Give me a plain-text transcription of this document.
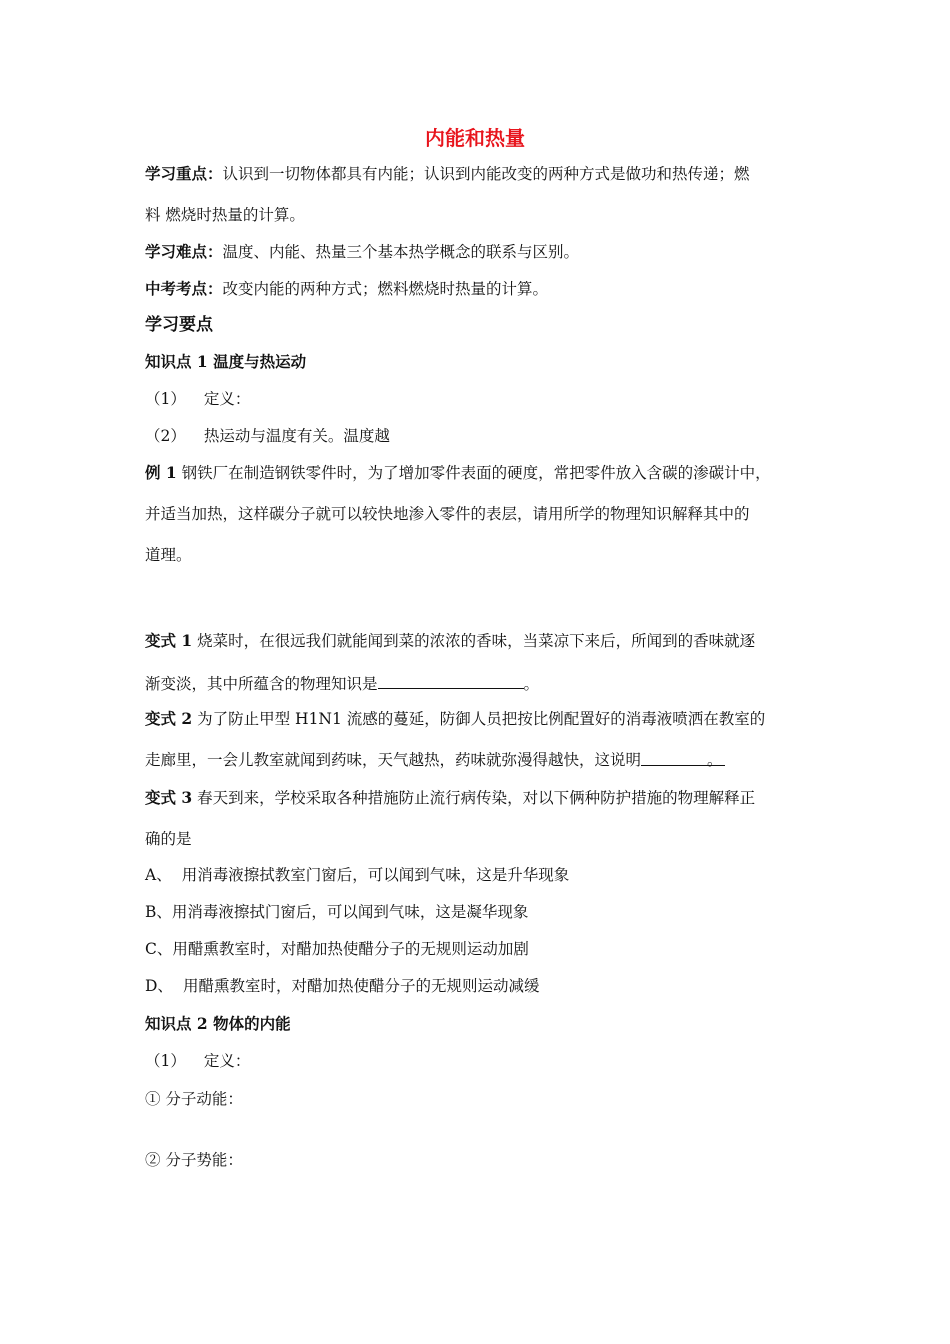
内能和热量
学习重点：认识到一切物体都具有内能；认识到内能改变的两种方式是做功和热传递；燃
料 燃烧时热量的计算。
学习难点：温度、内能、热量三个基本热学概念的联系与区别。
中考考点：改变内能的两种方式；燃料燃烧时热量的计算。
学习要点
知识点 1 温度与热运动
（1） 定义：
（2） 热运动与温度有关。温度越
例 1 钢铁厂在制造钢铁零件时，为了增加零件表面的硬度，常把零件放入含碳的渗碳计中，
并适当加热，这样碳分子就可以较快地渗入零件的表层，请用所学的物理知识解释其中的
道理。
变式 1 烧菜时，在很远我们就能闻到菜的浓浓的香味，当菜凉下来后，所闻到的香味就逐
渐变淡，其中所蕴含的物理知识是	。
变式 2 为了防止甲型 H1N1 流感的蔓延，防御人员把按比例配置好的消毒液喷洒在教室的
走廊里，一会儿教室就闻到药味，天气越热，药味就弥漫得越快，这说明	。
变式 3 春天到来，学校采取各种措施防止流行病传染，对以下俩种防护措施的物理解释正
确的是
A、 用消毒液擦拭教室门窗后，可以闻到气味，这是升华现象
B、用消毒液擦拭门窗后，可以闻到气味，这是凝华现象
C、用醋熏教室时，对醋加热使醋分子的无规则运动加剧
D、 用醋熏教室时，对醋加热使醋分子的无规则运动减缓
知识点 2 物体的内能
（1） 定义：
① 分子动能：
② 分子势能：
